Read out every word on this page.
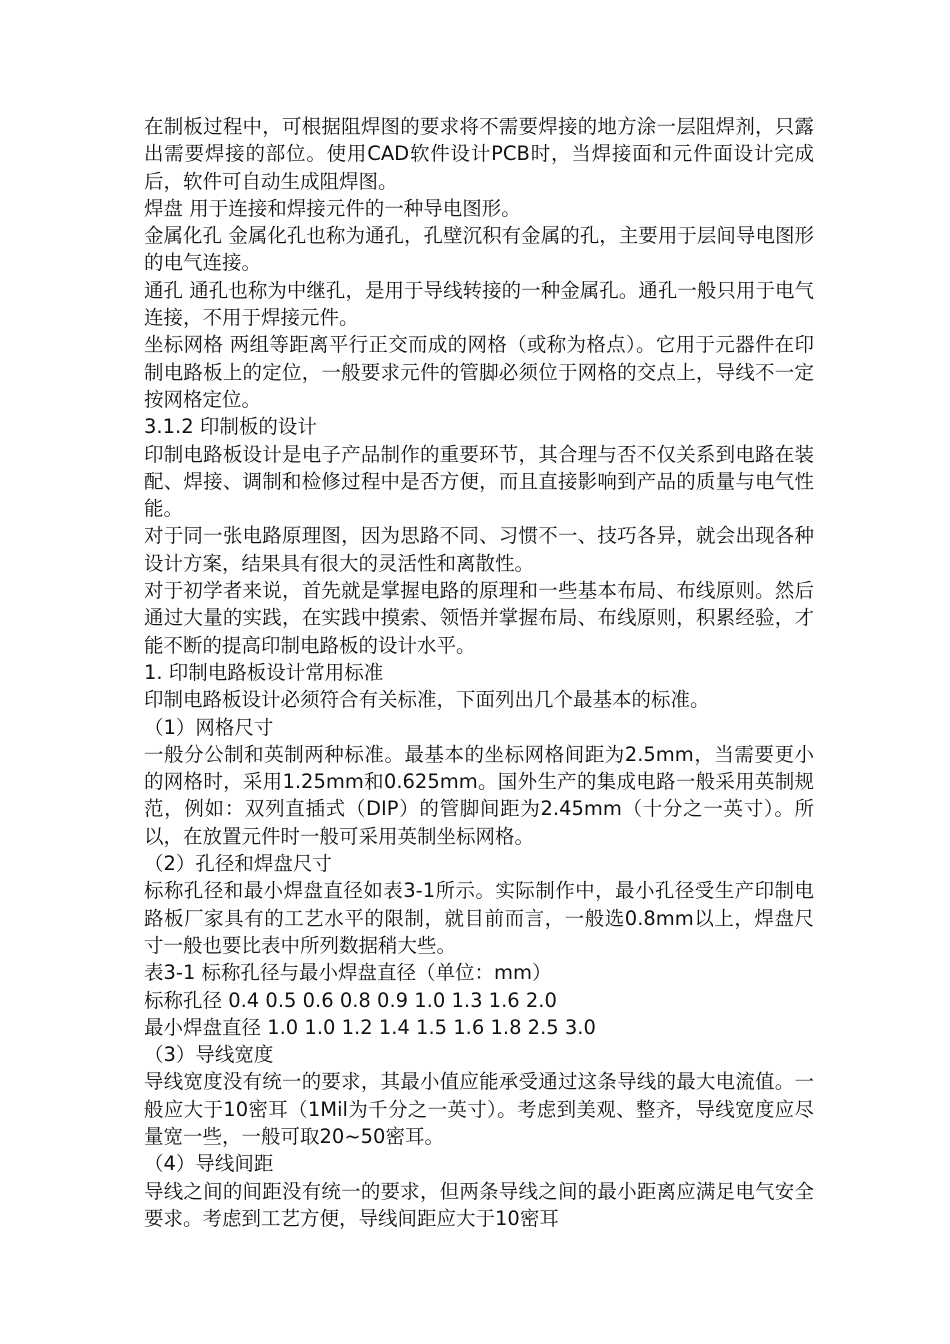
在制板过程中，可根据阻焊图的要求将不需要焊接的地方涂一层阻焊剂，只露出需要焊接的部位。使用CAD软件设计PCB时，当焊接面和元件面设计完成后，软件可自动生成阻焊图。

焊盘 用于连接和焊接元件的一种导电图形。

金属化孔 金属化孔也称为通孔，孔壁沉积有金属的孔，主要用于层间导电图形的电气连接。

通孔 通孔也称为中继孔，是用于导线转接的一种金属孔。通孔一般只用于电气连接，不用于焊接元件。

坐标网格 两组等距离平行正交而成的网格（或称为格点）。它用于元器件在印制电路板上的定位，一般要求元件的管脚必须位于网格的交点上，导线不一定按网格定位。

3.1.2 印制板的设计

印制电路板设计是电子产品制作的重要环节，其合理与否不仅关系到电路在装配、焊接、调制和检修过程中是否方便，而且直接影响到产品的质量与电气性能。

对于同一张电路原理图，因为思路不同、习惯不一、技巧各异，就会出现各种设计方案，结果具有很大的灵活性和离散性。

对于初学者来说，首先就是掌握电路的原理和一些基本布局、布线原则。然后通过大量的实践，在实践中摸索、领悟并掌握布局、布线原则，积累经验，才能不断的提高印制电路板的设计水平。

1. 印制电路板设计常用标准

印制电路板设计必须符合有关标准，下面列出几个最基本的标准。

（1）网格尺寸

一般分公制和英制两种标准。最基本的坐标网格间距为2.5mm，当需要更小的网格时，采用1.25mm和0.625mm。国外生产的集成电路一般采用英制规范，例如：双列直插式（DIP）的管脚间距为2.45mm（十分之一英寸）。所以，在放置元件时一般可采用英制坐标网格。

（2）孔径和焊盘尺寸

标称孔径和最小焊盘直径如表3-1所示。实际制作中，最小孔径受生产印制电路板厂家具有的工艺水平的限制，就目前而言，一般选0.8mm以上，焊盘尺寸一般也要比表中所列数据稍大些。

表3-1 标称孔径与最小焊盘直径（单位：mm）

标称孔径 0.4 0.5 0.6 0.8 0.9 1.0 1.3 1.6 2.0

最小焊盘直径 1.0 1.0 1.2 1.4 1.5 1.6 1.8 2.5 3.0

（3）导线宽度

导线宽度没有统一的要求，其最小值应能承受通过这条导线的最大电流值。一般应大于10密耳（1Mil为千分之一英寸）。考虑到美观、整齐，导线宽度应尽量宽一些，一般可取20~50密耳。

（4）导线间距

导线之间的间距没有统一的要求，但两条导线之间的最小距离应满足电气安全要求。考虑到工艺方便，导线间距应大于10密耳
